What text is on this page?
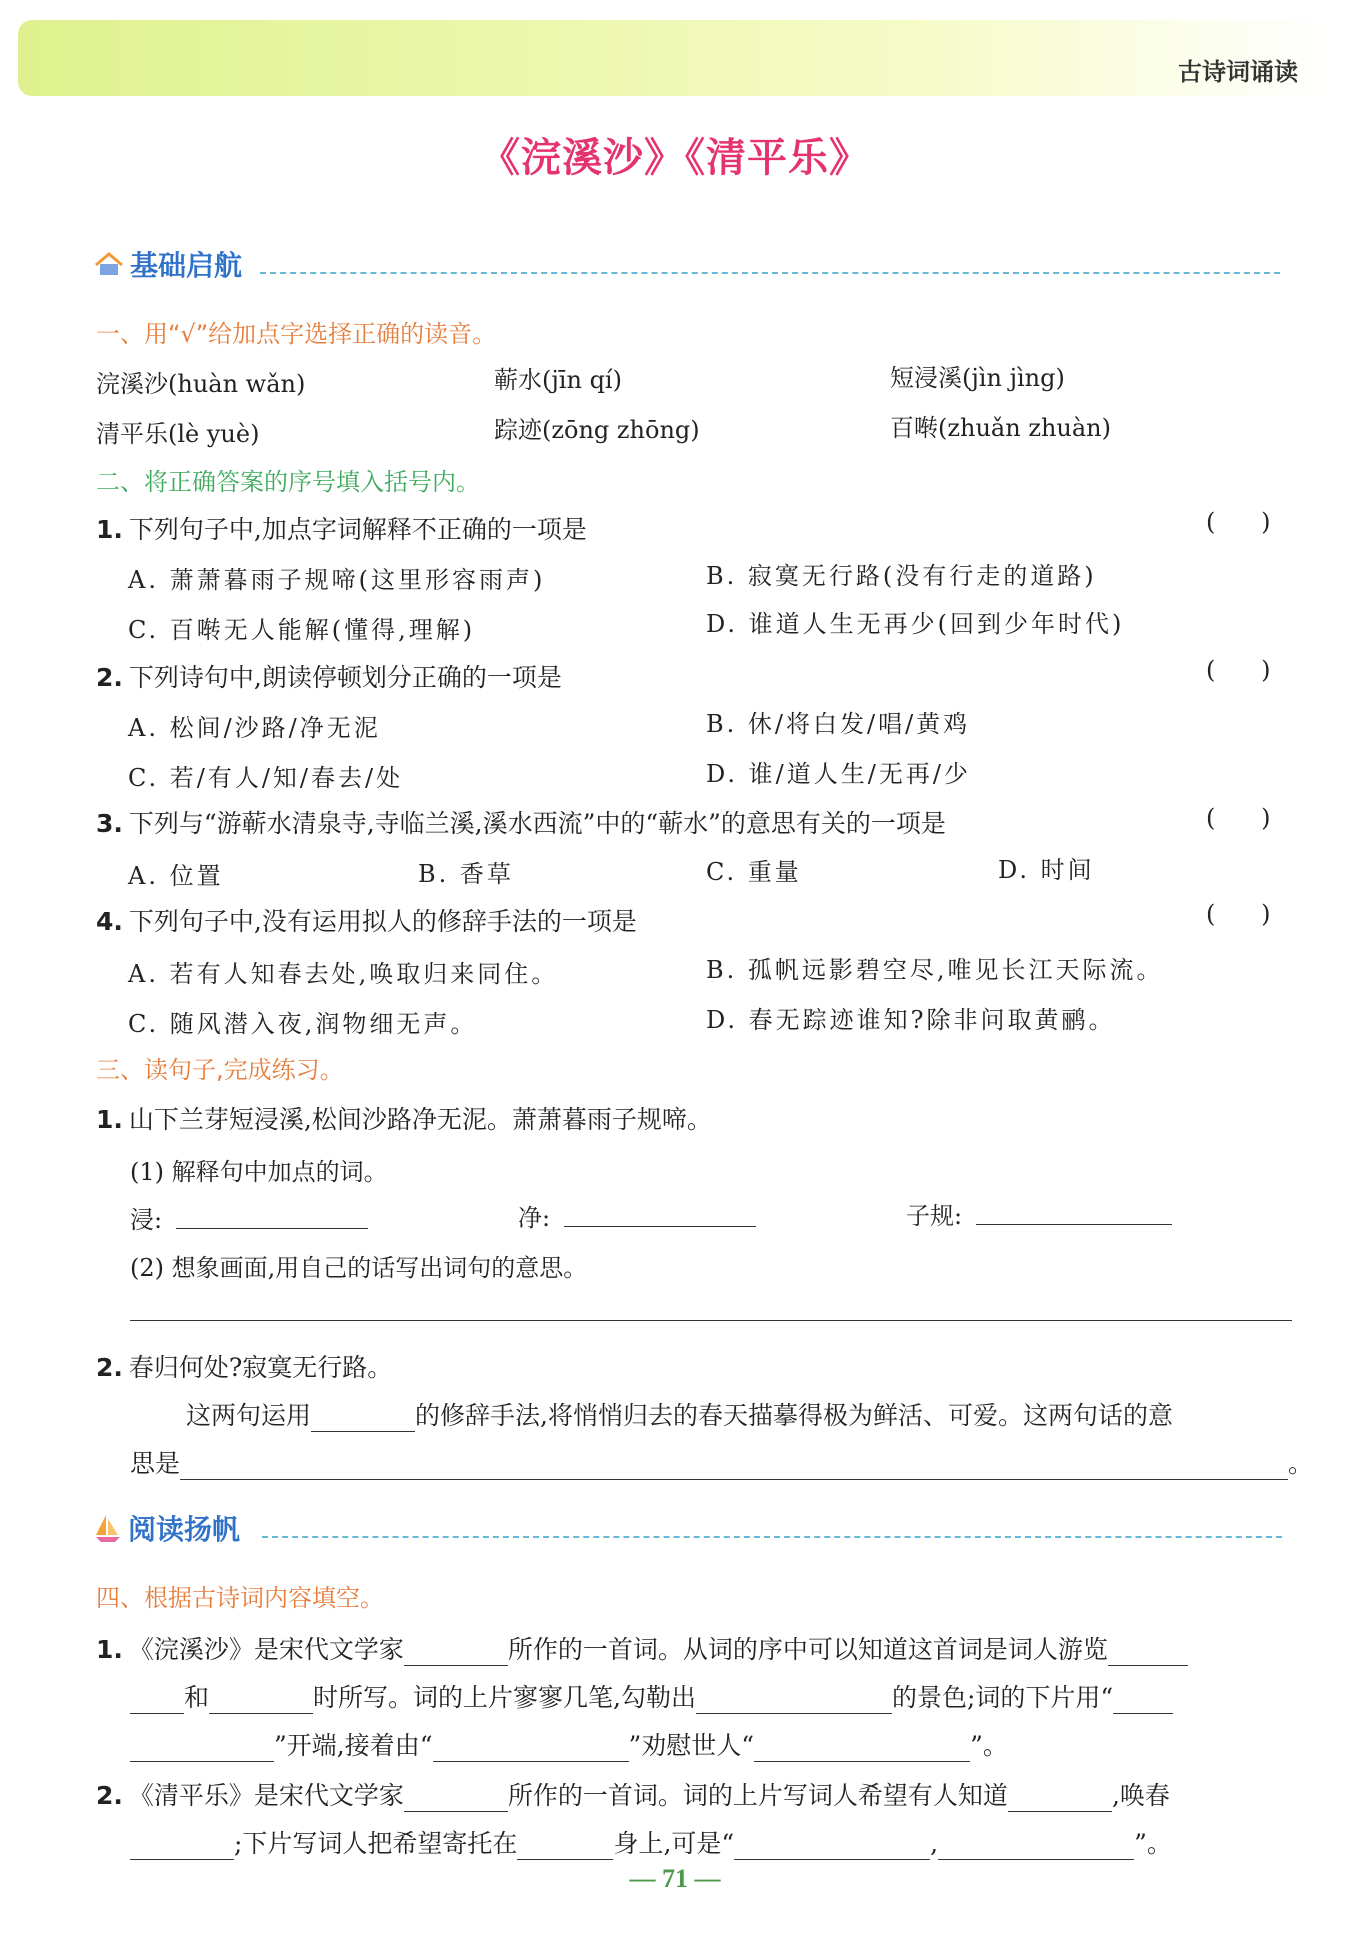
古诗词诵读
《浣溪沙》《清平乐》
基础启航
一、用“√”给加点字选择正确的读音。
浣溪沙(huàn wǎn)	蕲水(jīn qí)	短浸溪(jìn jìng)
清平乐(lè yuè)	踪迹(zōng zhōng)	百啭(zhuǎn zhuàn)
二、将正确答案的序号填入括号内。
1. 下列句子中,加点字词解释不正确的一项是	(      )
A. 萧萧暮雨子规啼(这里形容雨声)	B. 寂寞无行路(没有行走的道路)
C. 百啭无人能解(懂得,理解)	D. 谁道人生无再少(回到少年时代)
2. 下列诗句中,朗读停顿划分正确的一项是	(      )
A. 松间/沙路/净无泥	B. 休/将白发/唱/黄鸡
C. 若/有人/知/春去/处	D. 谁/道人生/无再/少
3. 下列与“游蕲水清泉寺,寺临兰溪,溪水西流”中的“蕲水”的意思有关的一项是	(      )
A. 位置	B. 香草	C. 重量	D. 时间
4. 下列句子中,没有运用拟人的修辞手法的一项是	(      )
A. 若有人知春去处,唤取归来同住。	B. 孤帆远影碧空尽,唯见长江天际流。
C. 随风潜入夜,润物细无声。	D. 春无踪迹谁知?除非问取黄鹂。
三、读句子,完成练习。
1. 山下兰芽短浸溪,松间沙路净无泥。萧萧暮雨子规啼。
(1) 解释句中加点的词。
浸:	净:	子规:
(2) 想象画面,用自己的话写出词句的意思。
2. 春归何处?寂寞无行路。
这两句运用	的修辞手法,将悄悄归去的春天描摹得极为鲜活、可爱。这两句话的意
思是	。
阅读扬帆
四、根据古诗词内容填空。
1. 《浣溪沙》是宋代文学家	所作的一首词。从词的序中可以知道这首词是词人游览
和	时所写。词的上片寥寥几笔,勾勒出	的景色;词的下片用“
”开端,接着由“	”劝慰世人“	”。
2. 《清平乐》是宋代文学家	所作的一首词。词的上片写词人希望有人知道	,唤春
;下片写词人把希望寄托在	身上,可是“	,	”。
— 71 —
